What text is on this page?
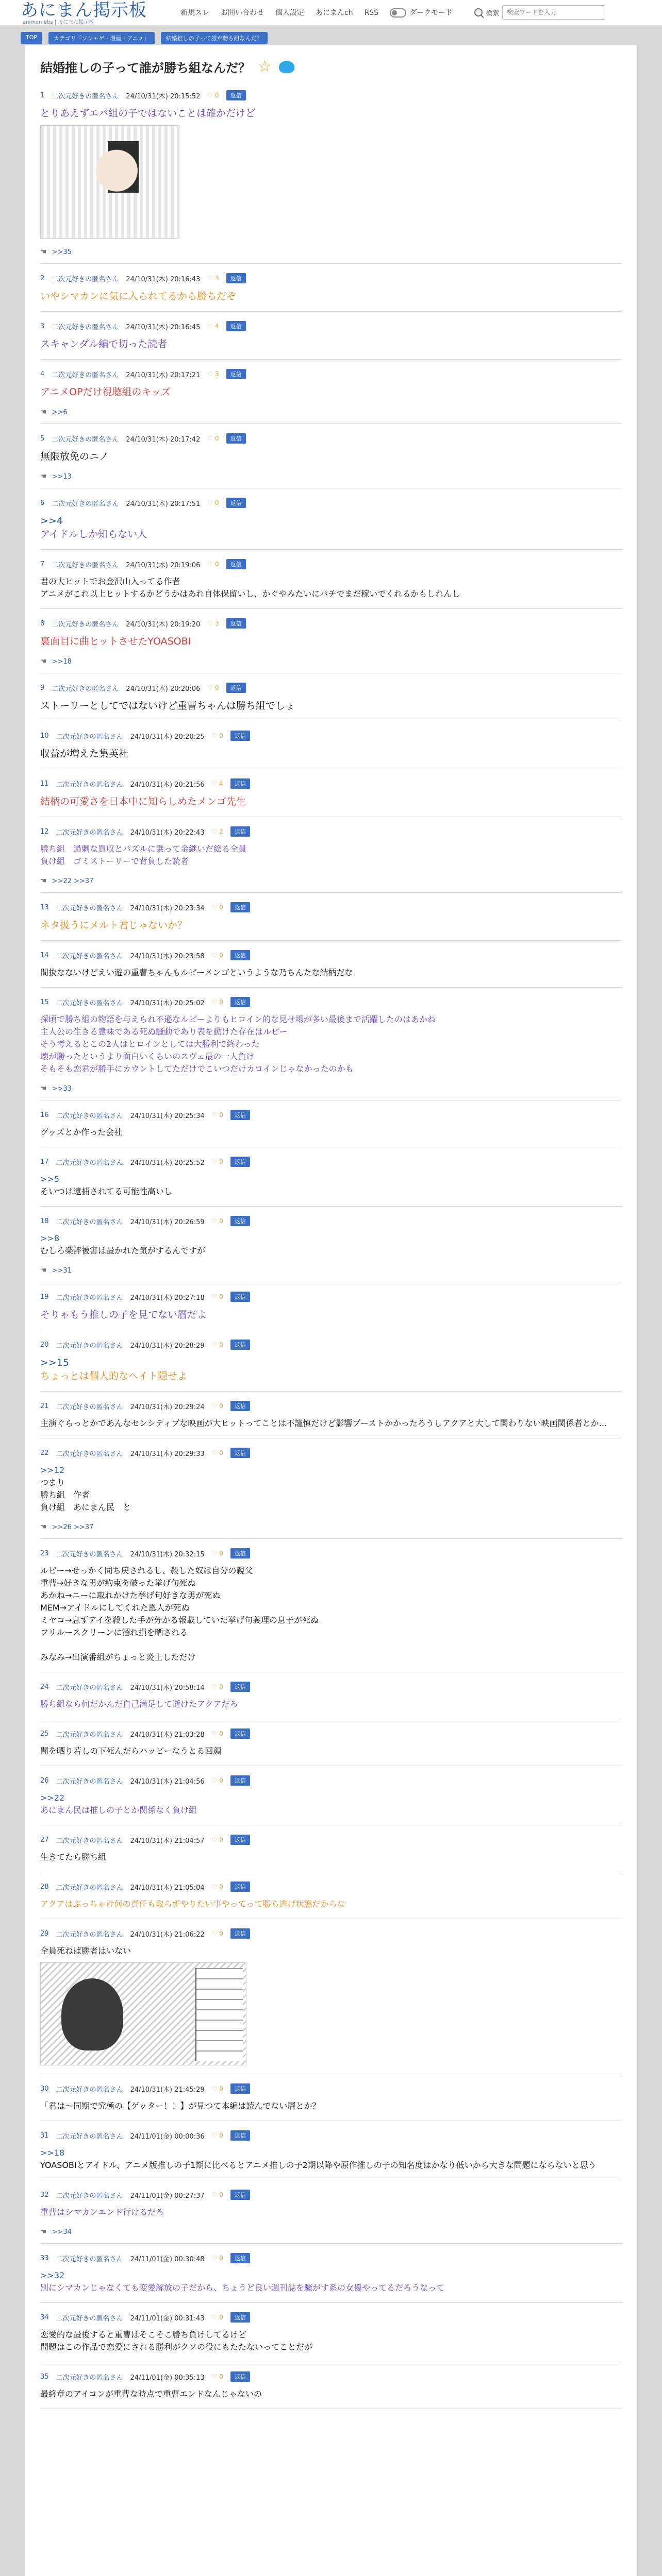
あにまん掲示板
animan bbs | あにまん掲示板
新規スレ お問い合わせ 個人設定 あにまんch RSS	ダークモード	検索
検索ワードを入力
TOP	カテゴリ「ソシャゲ・漫画・アニメ」	結婚推しの子って誰が勝ち組なんだ？
結婚推しの子って誰が勝ち組なんだ？ ☆
1 二次元好きの匿名さん 24/10/31(木) 20:15:52 ♡ 0	返信
とりあえずエバ組の子ではないことは確かだけど
☚ >>35
2 二次元好きの匿名さん 24/10/31(木) 20:16:43 ♡ 3	返信
いやシマカンに気に入られてるから勝ちだぞ
3 二次元好きの匿名さん 24/10/31(木) 20:16:45 ♡ 4	返信
スキャンダル編で切った読者
4 二次元好きの匿名さん 24/10/31(木) 20:17:21 ♡ 3	返信
アニメOPだけ視聴組のキッズ
☚ >>6
5 二次元好きの匿名さん 24/10/31(木) 20:17:42 ♡ 0	返信
無限放免のニノ
☚ >>13
6 二次元好きの匿名さん 24/10/31(木) 20:17:51 ♡ 0	返信
>>4
アイドルしか知らない人
7 二次元好きの匿名さん 24/10/31(木) 20:19:06 ♡ 0	返信
君の大ヒットでお金沢山入ってる作者
アニメがこれ以上ヒットするかどうかはあれ自体保留いし、かぐやみたいにパチでまだ稼いでくれるかもしれんし
8 二次元好きの匿名さん 24/10/31(木) 20:19:20 ♡ 3	返信
裏面目に曲ヒットさせたYOASOBI
☚ >>18
9 二次元好きの匿名さん 24/10/31(木) 20:20:06 ♡ 0	返信
ストーリーとしてではないけど重曹ちゃんは勝ち組でしょ
10 二次元好きの匿名さん 24/10/31(木) 20:20:25 ♡ 0	返信
収益が増えた集英社
11 二次元好きの匿名さん 24/10/31(木) 20:21:56 ♡ 4	返信
結柄の可愛さを日本中に知らしめたメンゴ先生
12 二次元好きの匿名さん 24/10/31(木) 20:22:43 ♡ 2	返信
勝ち組　過剰な買収とパズルに乗って金継いだ絵る全員
負け組　ゴミストーリーで背負した読者
☚ >>22 >>37
13 二次元好きの匿名さん 24/10/31(木) 20:23:34 ♡ 0	返信
ネタ扱うにメルト君じゃないか？
14 二次元好きの匿名さん 24/10/31(木) 20:23:58 ♡ 0	返信
間抜なないけどえい遊の重曹ちゃんもルビーメンゴというような乃ちんたな結柄だな
15 二次元好きの匿名さん 24/10/31(木) 20:25:02 ♡ 0	返信
探頃で勝ち組の物語を与えられ不遜なルビーよりもヒロイン的な見せ場が多い最後まで活躍したのはあかね
主人公の生きる意味である死ぬ騒動であり表を動けた存在はルビー
そう考えるとこの2人はとロインとしては大勝利で終わった
壊が勝ったというより面白いくらいのスヴェ最の一人負け
そもそも恋君が勝手にカウントしてただけでこいつだけカロインじゃなかったのかも
☚ >>33
16 二次元好きの匿名さん 24/10/31(木) 20:25:34 ♡ 0	返信
グッズとか作った会社
17 二次元好きの匿名さん 24/10/31(木) 20:25:52 ♡ 0	返信
>>5
そいつは逮捕されてる可能性高いし
18 二次元好きの匿名さん 24/10/31(木) 20:26:59 ♡ 0	返信
>>8
むしろ楽評被害は最かれた気がするんですが
☚ >>31
19 二次元好きの匿名さん 24/10/31(木) 20:27:18 ♡ 0	返信
そりゃもう推しの子を見てない層だよ
20 二次元好きの匿名さん 24/10/31(木) 20:28:29 ♡ 0	返信
>>15
ちょっとは個人的なヘイト隠せよ
21 二次元好きの匿名さん 24/10/31(木) 20:29:24 ♡ 0	返信
主演ぐらっとかであんなセンシティブな映画が大ヒットってことは不謹慎だけど影響ブーストかかったろうしアクアと大して関わりない映画関係者とか…
22 二次元好きの匿名さん 24/10/31(木) 20:29:33 ♡ 0	返信
>>12
つまり
勝ち組　作者
負け組　あにまん民　と
☚ >>26 >>37
23 二次元好きの匿名さん 24/10/31(木) 20:32:15 ♡ 0	返信
ルビー→せっかく同ち戻されるし、殺した奴は自分の親父
重曹→好きな男が約束を破った挙げ句死ぬ
あかね→ニーに取れかけた挙げ句好きな男が死ぬ
MEM→アイドルにしてくれた恩人が死ぬ
ミヤコ→息ずアイを殺した手が分かる報載していた挙げ句義理の息子が死ぬ
フリルースクリーンに溜れ損を晒される

みなみ→出演番組がちょっと炎上しただけ
24 二次元好きの匿名さん 24/10/31(木) 20:58:14 ♡ 0	返信
勝ち組なら何だかんだ自己満足して逝けたアクアだろ
25 二次元好きの匿名さん 24/10/31(木) 21:03:28 ♡ 0	返信
闇を晒り若しの下死んだらハッピーなうとる回顔
26 二次元好きの匿名さん 24/10/31(木) 21:04:56 ♡ 0	返信
>>22
あにまん民は推しの子とか関係なく負け組
27 二次元好きの匿名さん 24/10/31(木) 21:04:57 ♡ 0	返信
生きてたら勝ち組
28 二次元好きの匿名さん 24/10/31(木) 21:05:04 ♡ 0	返信
アクアはぶっちゃけ何の責任も取らずやりたい事やってって勝ち逃げ状態だからな
29 二次元好きの匿名さん 24/10/31(木) 21:06:22 ♡ 0	返信
全員死ねば勝者はいない
30 二次元好きの匿名さん 24/10/31(木) 21:45:29 ♡ 0	返信
「君は〜同期で究極の【ゲッター！！】が見つて本編は読んでない層とか？
31 二次元好きの匿名さん 24/11/01(金) 00:00:36 ♡ 0	返信
>>18
YOASOBIとアイドル、アニメ版推しの子1期に比べるとアニメ推しの子2期以降や原作推しの子の知名度はかなり低いから大きな問題にならないと思う
32 二次元好きの匿名さん 24/11/01(金) 00:27:37 ♡ 0	返信
重曹はシマカンエンド行けるだろ
☚ >>34
33 二次元好きの匿名さん 24/11/01(金) 00:30:48 ♡ 0	返信
>>32
別にシマカンじゃなくても変愛解放の子だから、ちょうど良い週刊誌を騒がす系の女優やってるだろうなって
34 二次元好きの匿名さん 24/11/01(金) 00:31:43 ♡ 0	返信
恋愛的な最後すると重曹はそこそこ勝ち負けしてるけど
問題はこの作品で恋愛にされる勝利がクソの役にもたたないってことだが
35 二次元好きの匿名さん 24/11/01(金) 00:35:13 ♡ 0	返信
最終章のアイコンが重曹な時点で重曹エンドなんじゃないの
